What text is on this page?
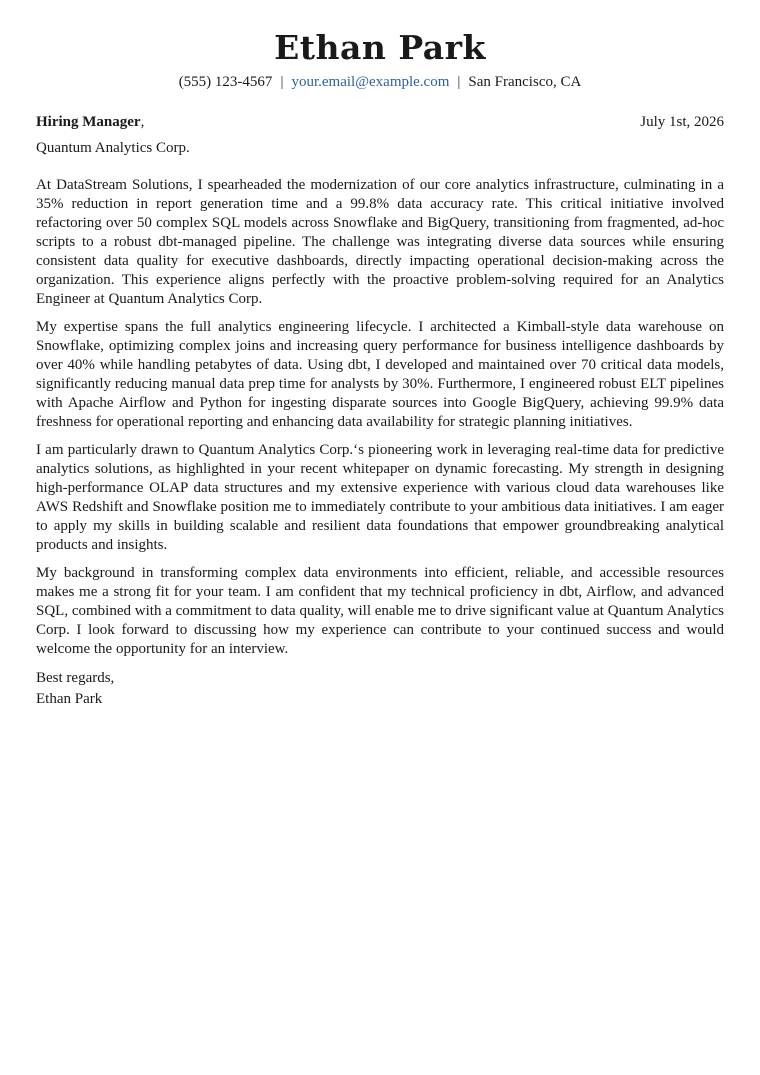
Ethan Park
(555) 123-4567 | your.email@example.com | San Francisco, CA
Hiring Manager,	July 1st, 2026
Quantum Analytics Corp.

At DataStream Solutions, I spearheaded the modernization of our core analytics infrastructure, culminating in a 35% reduction in report generation time and a 99.8% data accuracy rate. This critical initiative involved refactoring over 50 complex SQL models across Snowflake and BigQuery, transitioning from fragmented, ad-hoc scripts to a robust dbt-managed pipeline. The challenge was integrating diverse data sources while ensuring consistent data quality for executive dashboards, directly impacting operational decision-making across the organization. This experience aligns perfectly with the proactive problem-solving required for an Analytics Engineer at Quantum Analytics Corp.

My expertise spans the full analytics engineering lifecycle. I architected a Kimball-style data warehouse on Snowflake, optimizing complex joins and increasing query performance for business intelligence dashboards by over 40% while handling petabytes of data. Using dbt, I developed and maintained over 70 critical data models, significantly reducing manual data prep time for analysts by 30%. Furthermore, I engineered robust ELT pipelines with Apache Airflow and Python for ingesting disparate sources into Google BigQuery, achieving 99.9% data freshness for operational reporting and enhancing data availability for strategic planning initiatives.

I am particularly drawn to Quantum Analytics Corp.‘s pioneering work in leveraging real-time data for predictive analytics solutions, as highlighted in your recent whitepaper on dynamic forecasting. My strength in designing high-performance OLAP data structures and my extensive experience with various cloud data warehouses like AWS Redshift and Snowflake position me to immediately contribute to your ambitious data initiatives. I am eager to apply my skills in building scalable and resilient data foundations that empower groundbreaking analytical products and insights.

My background in transforming complex data environments into efficient, reliable, and accessible resources makes me a strong fit for your team. I am confident that my technical proficiency in dbt, Airflow, and advanced SQL, combined with a commitment to data quality, will enable me to drive significant value at Quantum Analytics Corp. I look forward to discussing how my experience can contribute to your continued success and would welcome the opportunity for an interview.

Best regards,
Ethan Park
